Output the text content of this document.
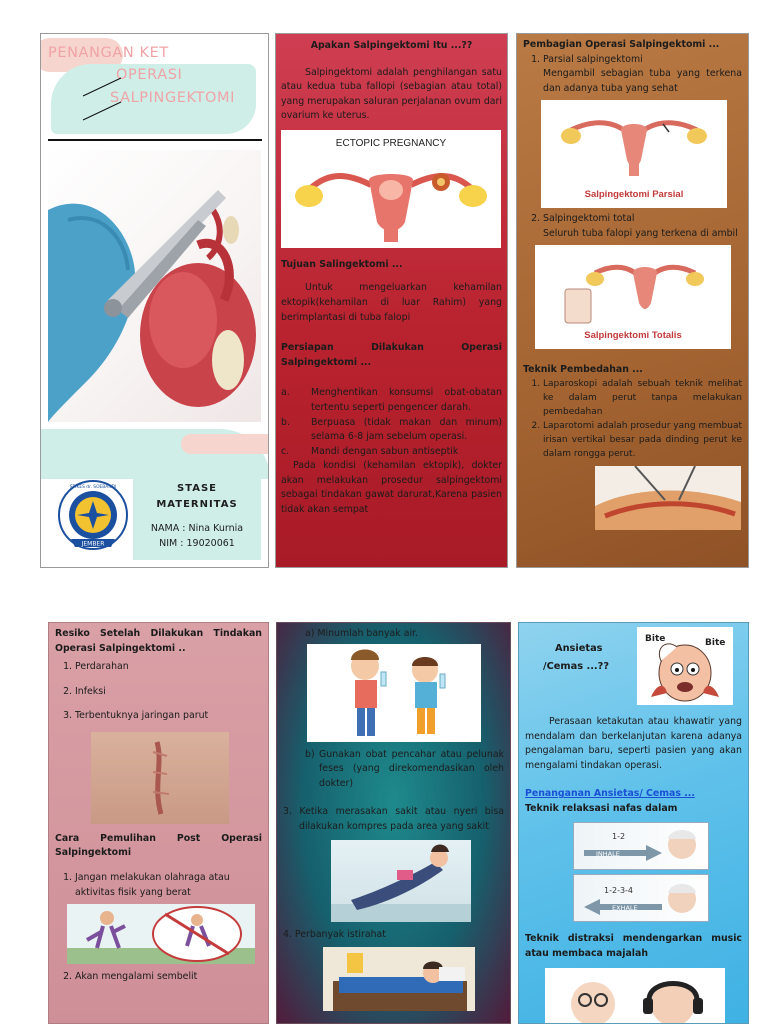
PENANGAN KET
OPERASI
SALPINGEKTOMI
JEMBER
STIKES dr. SOEBANDI	STASE
MATERNITAS
NAMA : Nina Kurnia
NIM : 19020061
Apakan Salpingektomi Itu ...??

Salpingektomi adalah penghilangan satu atau kedua tuba fallopi (sebagian atau total) yang merupakan saluran perjalanan ovum dari ovarium ke uterus.

ECTOPIC PREGNANCY
Tujuan Salingektomi ...

Untuk mengeluarkan kehamilan ektopik(kehamilan di luar Rahim) yang berimplantasi di tuba falopi

Persiapan Dilakukan Operasi Salpingektomi ...
a.	Menghentikan konsumsi obat-obatan tertentu seperti pengencer darah.
b.	Berpuasa (tidak makan dan minum) selama 6-8 jam sebelum operasi.
c.	Mandi dengan sabun antiseptik

Pada kondisi (kehamilan ektopik), dokter akan melakukan prosedur salpingektomi sebagai tindakan gawat darurat,Karena pasien tidak akan sempat

Pembagian Operasi Salpingektomi ...
1. Parsial salpingektomi

Mengambil sebagian tuba yang terkena dan adanya tuba yang sehat
Salpingektomi Parsial
2. Salpingektomi total

Seluruh tuba falopi yang terkena di ambil
Salpingektomi Totalis
Teknik Pembedahan ...
1. Laparoskopi adalah sebuah teknik melihat ke dalam perut tanpa melakukan pembedahan
2. Laparotomi adalah prosedur yang membuat irisan vertikal besar pada dinding perut ke dalam rongga perut.
Resiko Setelah Dilakukan Tindakan Operasi Salpingektomi ..
1. Perdarahan
2. Infeksi
3. Terbentuknya jaringan parut
Cara Pemulihan Post Operasi Salpingektomi
1. Jangan melakukan olahraga atau aktivitas fisik yang berat
2. Akan mengalami sembelit
a) Minumlah banyak air.
b) Gunakan obat pencahar atau pelunak feses (yang direkomendasikan oleh dokter)
3. Ketika merasakan sakit atau nyeri bisa dilakukan kompres pada area yang sakit
4. Perbanyak istirahat
Ansietas
/Cemas ...??
Bite	Bite

Perasaan ketakutan atau khawatir yang mendalam dan berkelanjutan karena adanya pengalaman baru, seperti pasien yang akan mengalami tindakan operasi.

Penanganan Ansietas/ Cemas ...
Teknik relaksasi nafas dalam
1-2
INHALE
1-2-3-4
EXHALE
Teknik distraksi mendengarkan music atau membaca majalah
